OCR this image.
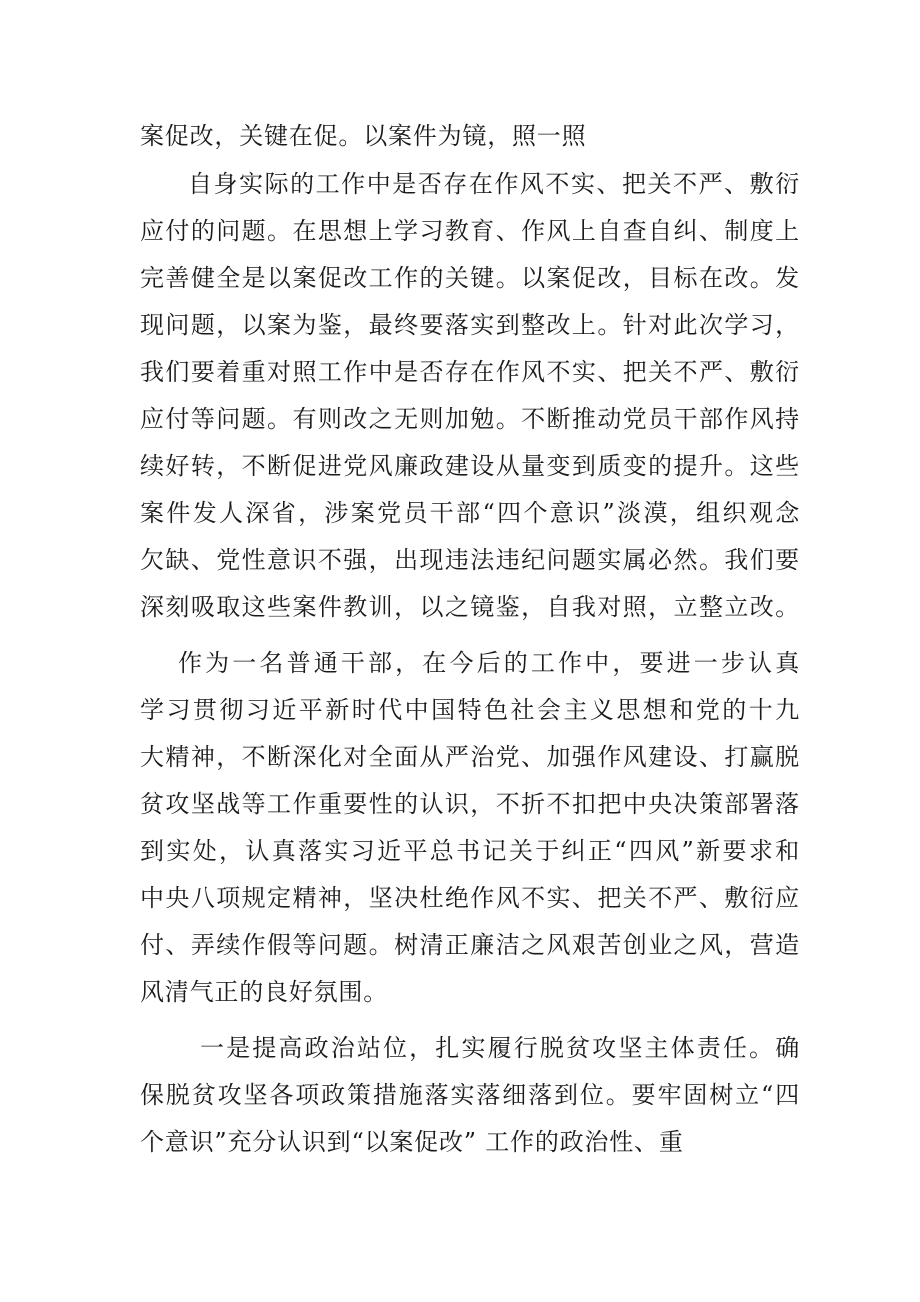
案促改，关键在促。以案件为镜，照一照
自身实际的工作中是否存在作风不实、把关不严、敷衍
应付的问题。在思想上学习教育、作风上自查自纠、制度上
完善健全是以案促改工作的关键。以案促改，目标在改。发
现问题，以案为鉴，最终要落实到整改上。针对此次学习，
我们要着重对照工作中是否存在作风不实、把关不严、敷衍
应付等问题。有则改之无则加勉。不断推动党员干部作风持
续好转，不断促进党风廉政建设从量变到质变的提升。这些
案件发人深省，涉案党员干部“四个意识”淡漠，组织观念
欠缺、党性意识不强，出现违法违纪问题实属必然。我们要
深刻吸取这些案件教训，以之镜鉴，自我对照，立整立改。
作为一名普通干部，在今后的工作中，要进一步认真
学习贯彻习近平新时代中国特色社会主义思想和党的十九
大精神，不断深化对全面从严治党、加强作风建设、打赢脱
贫攻坚战等工作重要性的认识，不折不扣把中央决策部署落
到实处，认真落实习近平总书记关于纠正“四风”新要求和
中央八项规定精神，坚决杜绝作风不实、把关不严、敷衍应
付、弄续作假等问题。树清正廉洁之风艰苦创业之风，营造
风清气正的良好氛围。
一是提高政治站位，扎实履行脱贫攻坚主体责任。确
保脱贫攻坚各项政策措施落实落细落到位。要牢固树立“四
个意识”充分认识到“以案促改” 工作的政治性、重
